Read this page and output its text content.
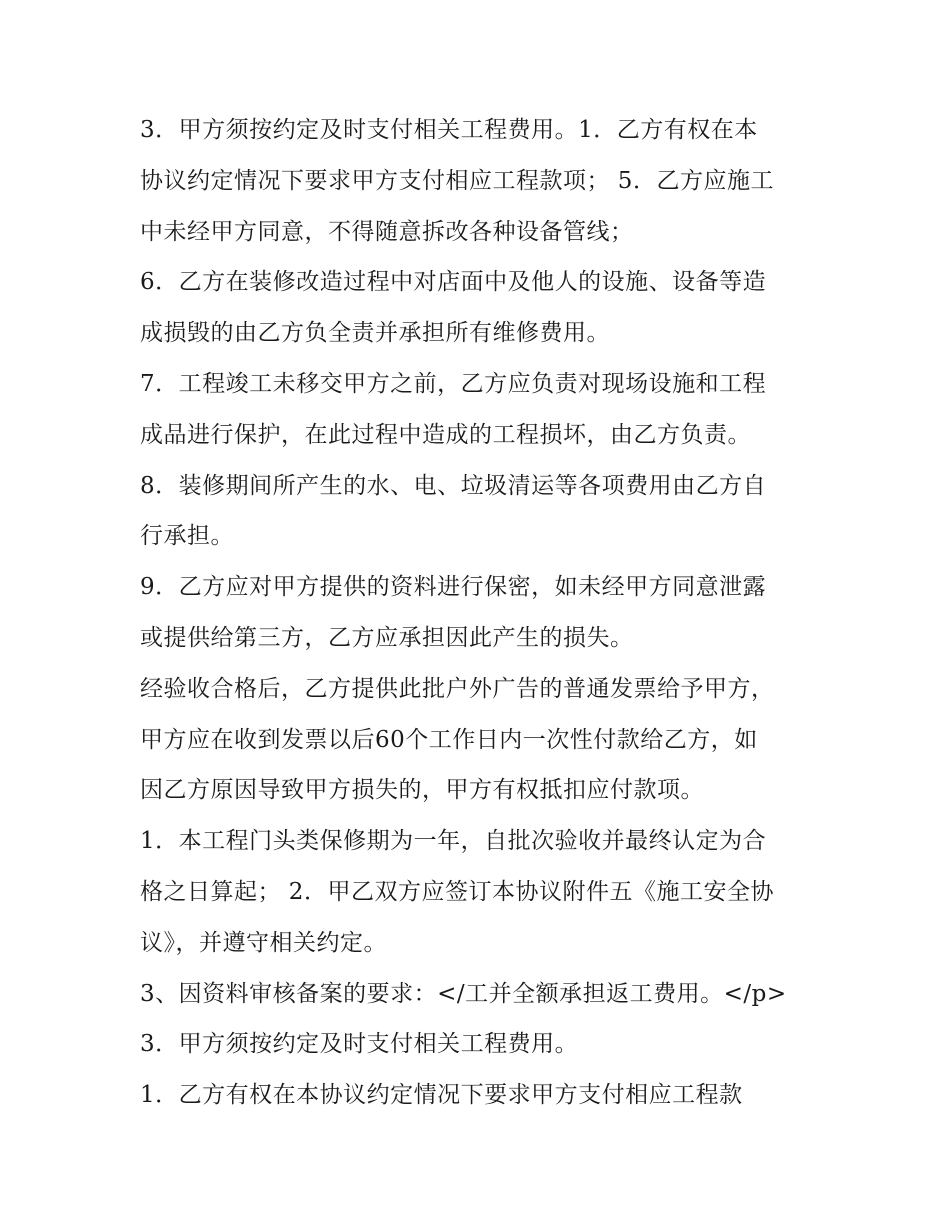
3．甲方须按约定及时支付相关工程费用。1．乙方有权在本
协议约定情况下要求甲方支付相应工程款项； 5．乙方应施工
中未经甲方同意，不得随意拆改各种设备管线；
6．乙方在装修改造过程中对店面中及他人的设施、设备等造
成损毁的由乙方负全责并承担所有维修费用。
7．工程竣工未移交甲方之前，乙方应负责对现场设施和工程
成品进行保护，在此过程中造成的工程损坏，由乙方负责。
8．装修期间所产生的水、电、垃圾清运等各项费用由乙方自
行承担。
9．乙方应对甲方提供的资料进行保密，如未经甲方同意泄露
或提供给第三方，乙方应承担因此产生的损失。
经验收合格后，乙方提供此批户外广告的普通发票给予甲方，
甲方应在收到发票以后60个工作日内一次性付款给乙方，如
因乙方原因导致甲方损失的，甲方有权抵扣应付款项。
1．本工程门头类保修期为一年，自批次验收并最终认定为合
格之日算起； 2．甲乙双方应签订本协议附件五《施工安全协
议》，并遵守相关约定。
3、因资料审核备案的要求：</工并全额承担返工费用。</p>
3．甲方须按约定及时支付相关工程费用。
1．乙方有权在本协议约定情况下要求甲方支付相应工程款
